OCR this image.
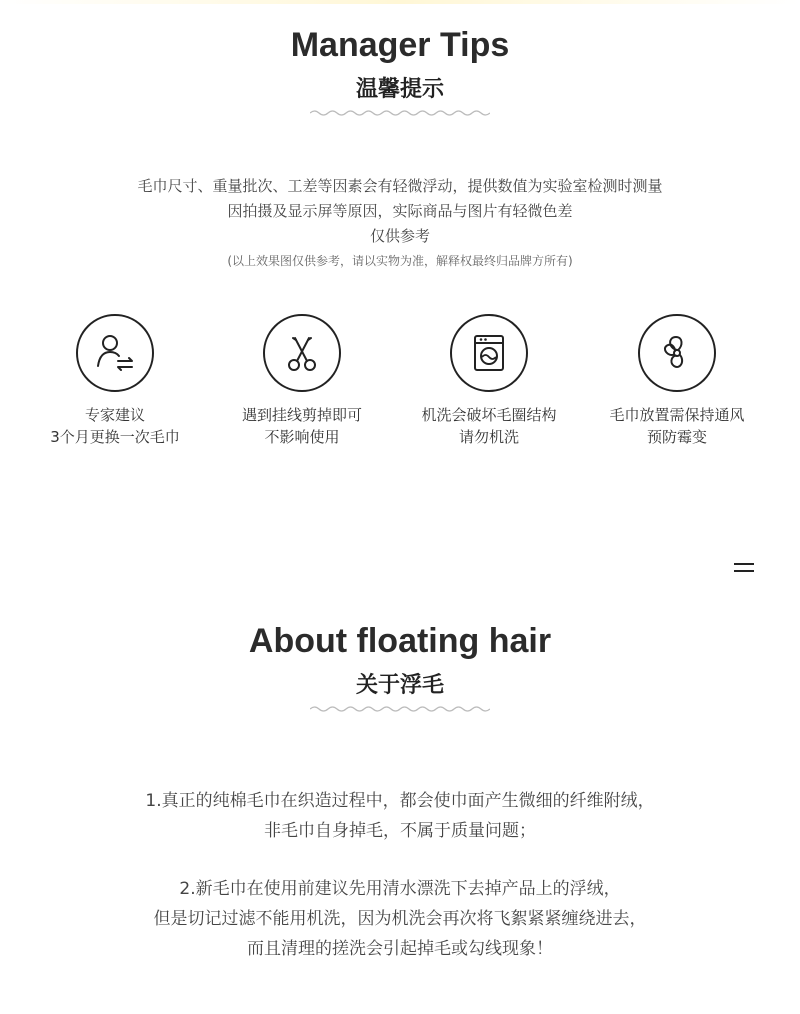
Manager Tips
温馨提示
毛巾尺寸、重量批次、工差等因素会有轻微浮动，提供数值为实验室检测时测量
因拍摄及显示屏等原因，实际商品与图片有轻微色差
仅供参考
(以上效果图仅供参考，请以实物为准，解释权最终归品牌方所有)
专家建议
3个月更换一次毛巾
遇到挂线剪掉即可
不影响使用
机洗会破坏毛圈结构
请勿机洗
毛巾放置需保持通风
预防霉变
About floating hair
关于浮毛
1.真正的纯棉毛巾在织造过程中，都会使巾面产生微细的纤维附绒，
非毛巾自身掉毛，不属于质量问题；
2.新毛巾在使用前建议先用清水漂洗下去掉产品上的浮绒，
但是切记过滤不能用机洗，因为机洗会再次将飞絮紧紧缠绕进去，
而且清理的搓洗会引起掉毛或勾线现象！
